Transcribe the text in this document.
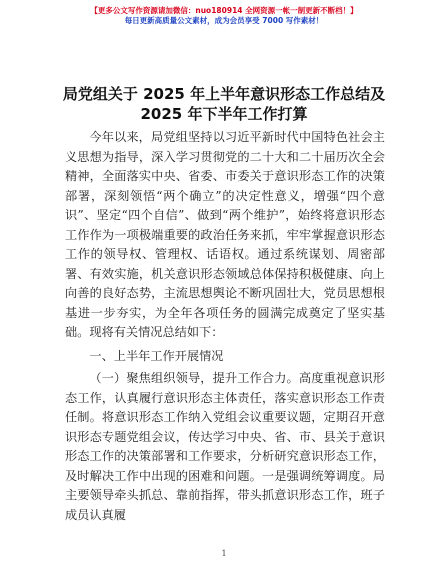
【更多公文写作资源请加微信：nuo180914 全网资源一帐一制更新不断档！】
每日更新高质量公文素材，成为会员享受 7000 写作素材！
局党组关于 2025 年上半年意识形态工作总结及
2025 年下半年工作打算

今年以来，局党组坚持以习近平新时代中国特色社会主义思想为指导，深入学习贯彻党的二十大和二十届历次全会精神，全面落实中央、省委、市委关于意识形态工作的决策部署，深刻领悟“两个确立”的决定性意义，增强“四个意识”、坚定“四个自信”、做到“两个维护”，始终将意识形态工作作为一项极端重要的政治任务来抓，牢牢掌握意识形态工作的领导权、管理权、话语权。通过系统谋划、周密部署、有效实施，机关意识形态领域总体保持积极健康、向上向善的良好态势，主流思想舆论不断巩固壮大，党员思想根基进一步夯实，为全年各项任务的圆满完成奠定了坚实基础。现将有关情况总结如下：

一、上半年工作开展情况

（一）聚焦组织领导，提升工作合力。高度重视意识形态工作，认真履行意识形态主体责任，落实意识形态工作责任制。将意识形态工作纳入党组会议重要议题，定期召开意识形态专题党组会议，传达学习中央、省、市、县关于意识形态工作的决策部署和工作要求，分析研究意识形态工作，及时解决工作中出现的困难和问题。一是强调统筹调度。局主要领导牵头抓总、靠前指挥，带头抓意识形态工作，班子成员认真履

1
